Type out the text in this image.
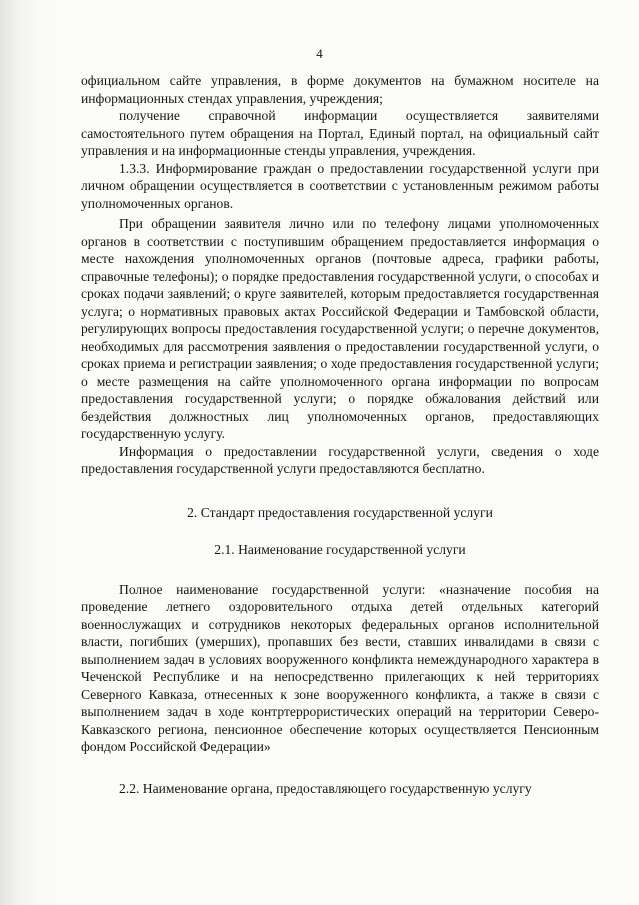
4

официальном сайте управления, в форме документов на бумажном носителе на информационных стендах управления, учреждения;

получение справочной информации осуществляется заявителями самостоятельного путем обращения на Портал, Единый портал, на официальный сайт управления и на информационные стенды управления, учреждения.

1.3.3. Информирование граждан о предоставлении государственной услуги при личном обращении осуществляется в соответствии с установленным режимом работы уполномоченных органов.

При обращении заявителя лично или по телефону лицами уполномоченных органов в соответствии с поступившим обращением предоставляется информация о месте нахождения уполномоченных органов (почтовые адреса, графики работы, справочные телефоны); о порядке предоставления государственной услуги, о способах и сроках подачи заявлений; о круге заявителей, которым предоставляется государственная услуга; о нормативных правовых актах Российской Федерации и Тамбовской области, регулирующих вопросы предоставления государственной услуги; о перечне документов, необходимых для рассмотрения заявления о предоставлении государственной услуги, о сроках приема и регистрации заявления; о ходе предоставления государственной услуги; о месте размещения на сайте уполномоченного органа информации по вопросам предоставления государственной услуги; о порядке обжалования действий или бездействия должностных лиц уполномоченных органов, предоставляющих государственную услугу.

Информация о предоставлении государственной услуги, сведения о ходе предоставления государственной услуги предоставляются бесплатно.

2. Стандарт предоставления государственной услуги

2.1. Наименование государственной услуги

Полное наименование государственной услуги: «назначение пособия на проведение летнего оздоровительного отдыха детей отдельных категорий военнослужащих и сотрудников некоторых федеральных органов исполнительной власти, погибших (умерших), пропавших без вести, ставших инвалидами в связи с выполнением задач в условиях вооруженного конфликта немеждународного характера в Чеченской Республике и на непосредственно прилегающих к ней территориях Северного Кавказа, отнесенных к зоне вооруженного конфликта, а также в связи с выполнением задач в ходе контртеррористических операций на территории Северо-Кавказского региона, пенсионное обеспечение которых осуществляется Пенсионным фондом Российской Федерации»

2.2. Наименование органа, предоставляющего государственную услугу
